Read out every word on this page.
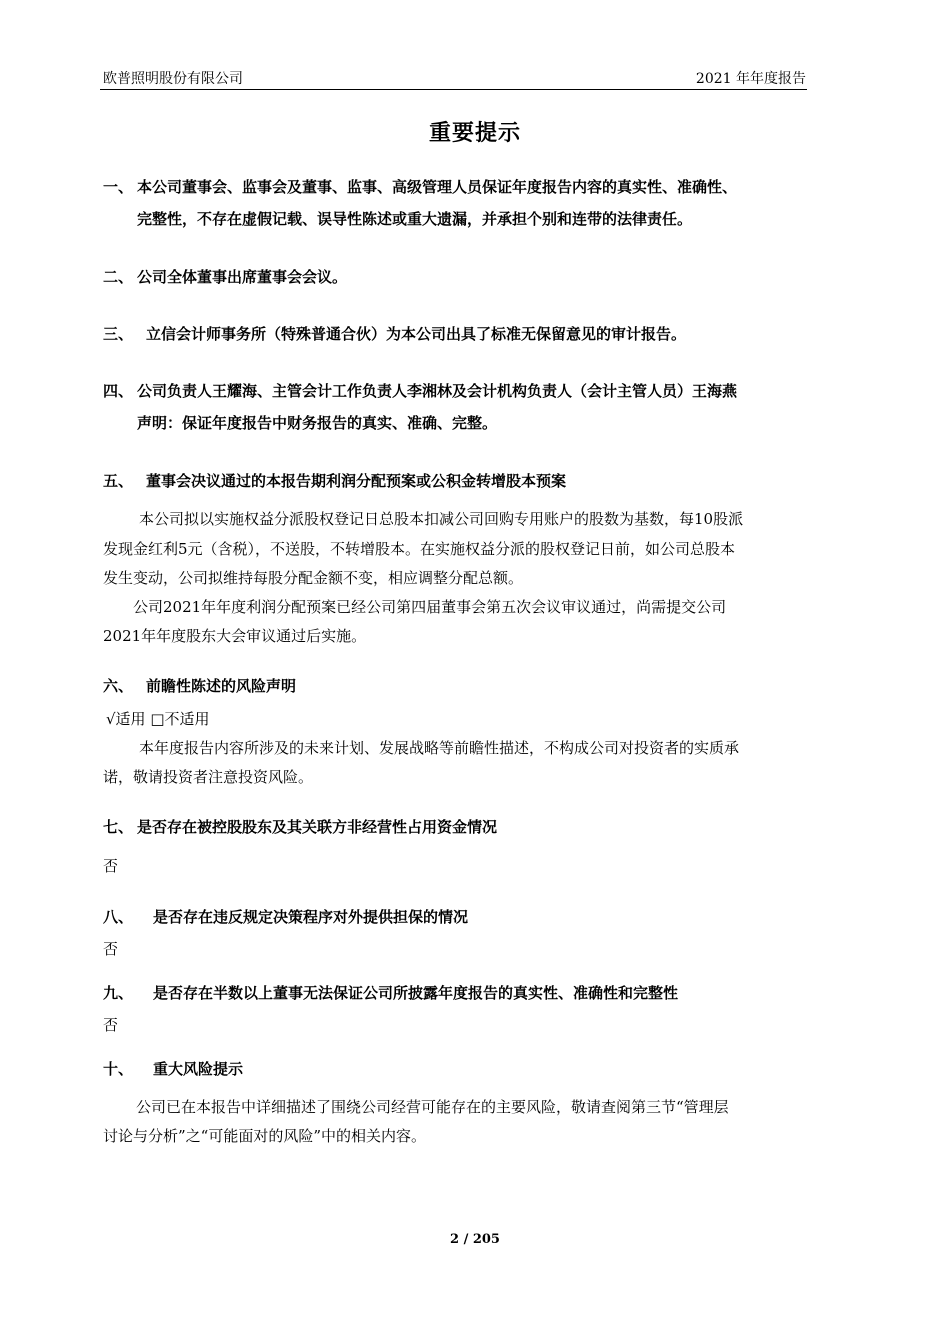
欧普照明股份有限公司	2021 年年度报告
重要提示
一、 本公司董事会、监事会及董事、监事、高级管理人员保证年度报告内容的真实性、准确性、
完整性，不存在虚假记载、误导性陈述或重大遗漏，并承担个别和连带的法律责任。
二、 公司全体董事出席董事会会议。
三、 立信会计师事务所（特殊普通合伙）为本公司出具了标准无保留意见的审计报告。
四、 公司负责人王耀海、主管会计工作负责人李湘林及会计机构负责人（会计主管人员）王海燕
声明：保证年度报告中财务报告的真实、准确、完整。
五、 董事会决议通过的本报告期利润分配预案或公积金转增股本预案
本公司拟以实施权益分派股权登记日总股本扣减公司回购专用账户的股数为基数，每10股派
发现金红利5元（含税），不送股，不转增股本。在实施权益分派的股权登记日前，如公司总股本
发生变动，公司拟维持每股分配金额不变，相应调整分配总额。
公司2021年年度利润分配预案已经公司第四届董事会第五次会议审议通过，尚需提交公司
2021年年度股东大会审议通过后实施。
六、 前瞻性陈述的风险声明
√适用 □不适用
本年度报告内容所涉及的未来计划、发展战略等前瞻性描述，不构成公司对投资者的实质承
诺，敬请投资者注意投资风险。
七、 是否存在被控股股东及其关联方非经营性占用资金情况
否
八、 是否存在违反规定决策程序对外提供担保的情况
否
九、 是否存在半数以上董事无法保证公司所披露年度报告的真实性、准确性和完整性
否
十、 重大风险提示
公司已在本报告中详细描述了围绕公司经营可能存在的主要风险，敬请查阅第三节“管理层
讨论与分析”之“可能面对的风险”中的相关内容。
2 / 205
